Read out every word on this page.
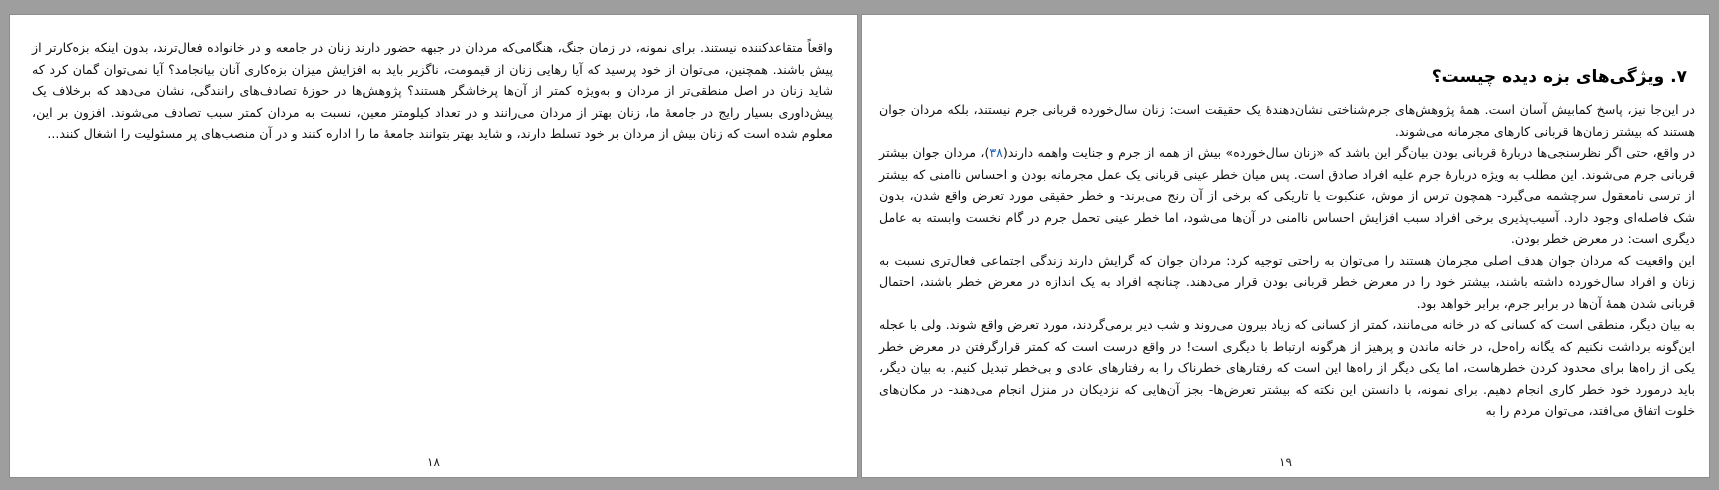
واقعاً متقاعدکننده نیستند. برای نمونه، در زمان جنگ، هنگامی‌که مردان در جبهه حضور دارند زنان در جامعه و در خانواده فعال‌ترند، بدون اینکه بزه‌کارتر از پیش باشند. همچنین، می‌توان از خود پرسید که آیا رهایی زنان از قیمومت، ناگزیر باید به افزایش میزان بزه‌کاری آنان بیانجامد؟ آیا نمی‌توان گمان کرد که شاید زنان در اصل منطقی‌تر از مردان و به‌ویژه کمتر از آن‌ها پرخاشگر هستند؟ پژوهش‌ها در حوزهٔ تصادف‌های رانندگی، نشان می‌دهد که برخلاف یک پیش‌داوری بسیار رایج در جامعهٔ ما، زنان بهتر از مردان می‌رانند و در تعداد کیلومتر معین، نسبت به مردان کمتر سبب تصادف می‌شوند. افزون بر این، معلوم شده است که زنان بیش از مردان بر خود تسلط دارند، و شاید بهتر بتوانند جامعهٔ ما را اداره کنند و در آن منصب‌های پر مسئولیت را اشغال کنند...

۱۸
۷. ویژگی‌های بزه دیده چیست؟

در این‌جا نیز، پاسخ کمابیش آسان است. همهٔ پژوهش‌های جرم‌شناختی نشان‌دهندهٔ یک حقیقت است: زنان سال‌خورده قربانی جرم نیستند، بلکه مردان جوان هستند که بیشتر زمان‌ها قربانی کارهای مجرمانه می‌شوند.

در واقع، حتی اگر نظرسنجی‌ها دربارهٔ قربانی بودن بیان‌گر این باشد که «زنان سال‌خورده» بیش از همه از جرم و جنایت واهمه دارند(۳۸)، مردان جوان بیشتر قربانی جرم می‌شوند. این مطلب به ویژه دربارهٔ جرم علیه افراد صادق است. پس میان خطر عینی قربانی یک عمل مجرمانه بودن و احساس ناامنی که بیشتر از ترسی نامعقول سرچشمه می‌گیرد- همچون ترس از موش، عنکبوت یا تاریکی که برخی از آن رنج می‌برند- و خطر حقیقی مورد تعرض واقع شدن، بدون شک فاصله‌ای وجود دارد. آسیب‌پذیری برخی افراد سبب افزایش احساس ناامنی در آن‌ها می‌شود، اما خطر عینی تحمل جرم در گام نخست وابسته به عامل دیگری است: در معرض خطر بودن.

این واقعیت که مردان جوان هدف اصلی مجرمان هستند را می‌توان به راحتی توجیه کرد: مردان جوان که گرایش دارند زندگی اجتماعی فعال‌تری نسبت به زنان و افراد سال‌خورده داشته باشند، بیشتر خود را در معرض خطر قربانی بودن قرار می‌دهند. چنانچه افراد به یک اندازه در معرض خطر باشند، احتمال قربانی شدن همهٔ آن‌ها در برابر جرم، برابر خواهد بود.

به بیان دیگر، منطقی است که کسانی که در خانه می‌مانند، کمتر از کسانی که زیاد بیرون می‌روند و شب دیر برمی‌گردند، مورد تعرض واقع شوند. ولی با عجله این‌گونه برداشت نکنیم که یگانه راه‌حل، در خانه ماندن و پرهیز از هرگونه ارتباط با دیگری است! در واقع درست است که کمتر قرارگرفتن در معرض خطر یکی از راه‌ها برای محدود کردن خطرهاست، اما یکی دیگر از راه‌ها این است که رفتارهای خطرناک را به رفتارهای عادی و بی‌خطر تبدیل کنیم. به بیان دیگر، باید درمورد خود خطر کاری انجام دهیم. برای نمونه، با دانستن این نکته که بیشتر تعرض‌ها- بجز آن‌هایی که نزدیکان در منزل انجام می‌دهند- در مکان‌های خلوت اتفاق می‌افتد، می‌توان مردم را به

۱۹
